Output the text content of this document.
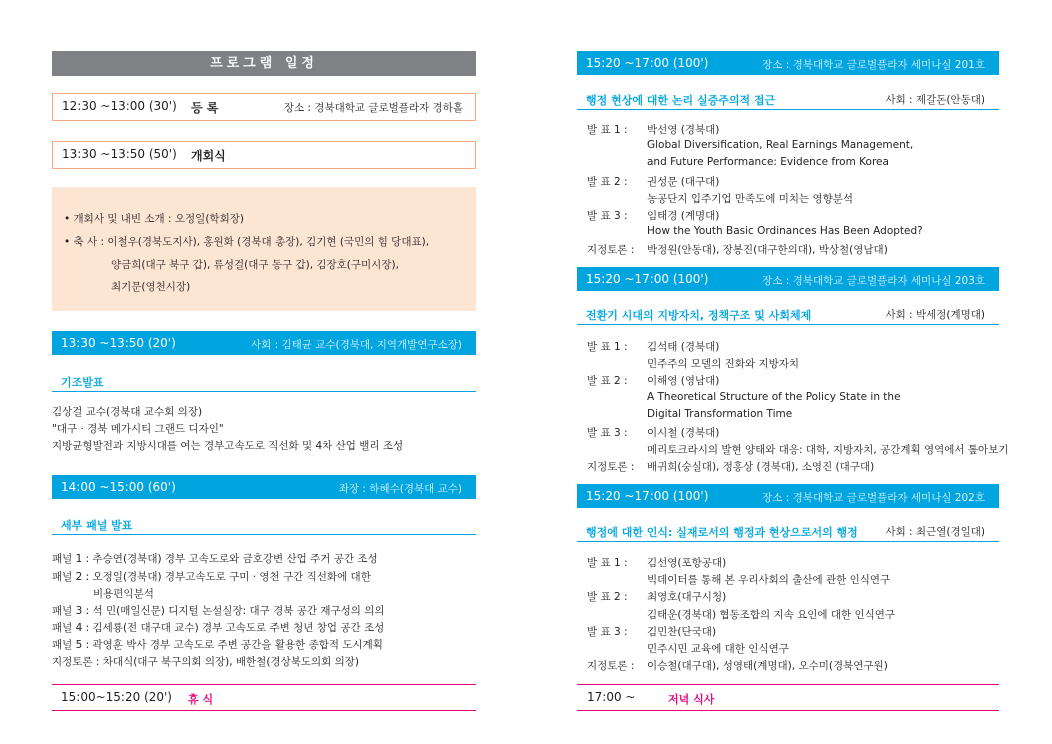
프로그램 일정
12:30 ~13:00 (30') 등 록	장소 : 경북대학교 글로벌플라자 경하홀
13:30 ~13:50 (50') 개회식
• 개회사 및 내빈 소개 : 오정일(학회장)
• 축 사 : 이철우(경북도지사), 홍원화 (경북대 총장), 김기현 (국민의 힘 당대표),
양금희(대구 북구 갑), 류성걸(대구 동구 갑), 김장호(구미시장),
최기문(영천시장)
13:30 ~13:50 (20')	사회 : 김태균 교수(경북대, 지역개발연구소장)
기조발표
김상걸 교수(경북대 교수회 의장)
"대구 · 경북 메가시티 그랜드 디자인"
지방균형발전과 지방시대를 여는 경부고속도로 직선화 및 4차 산업 밸리 조성
14:00 ~15:00 (60')	좌장 : 하혜수(경북대 교수)
세부 패널 발표
패널 1 : 추승연(경북대) 경부 고속도로와 금호강변 산업 주거 공간 조성
패널 2 : 오정일(경북대) 경부고속도로 구미 · 영천 구간 직선화에 대한
비용편익분석
패널 3 : 석 민(매일신문) 디지털 논설실장: 대구 경북 공간 재구성의 의의
패널 4 : 김세룡(전 대구대 교수) 경부 고속도로 주변 청년 창업 공간 조성
패널 5 : 곽영훈 박사 경부 고속도로 주변 공간을 활용한 종합적 도시계획
지정토론 : 차대식(대구 북구의회 의장), 배한철(경상북도의회 의장)
15:00~15:20 (20') 휴 식
15:20 ~17:00 (100')	장소 : 경북대학교 글로벌플라자 세미나실 201호
행정 현상에 대한 논리 실증주의적 접근	사회 : 제갈돈(안동대)
발 표 1 : 박선영 (경북대)
Global Diversification, Real Earnings Management,
and Future Performance: Evidence from Korea
발 표 2 : 권성문 (대구대)
농공단지 입주기업 만족도에 미치는 영향분석
발 표 3 : 임태경 (계명대)
How the Youth Basic Ordinances Has Been Adopted?
지정토론 : 박정원(안동대), 장봉진(대구한의대), 박상철(영남대)
15:20 ~17:00 (100')	장소 : 경북대학교 글로벌플라자 세미나실 203호
전환기 시대의 지방자치, 정책구조 및 사회체제	사회 : 박세정(계명대)
발 표 1 : 김석태 (경북대)
민주주의 모델의 진화와 지방자치
발 표 2 : 이해영 (영남대)
A Theoretical Structure of the Policy State in the
Digital Transformation Time
발 표 3 : 이시철 (경북대)
메리토크라시의 발현 양태와 대응: 대학, 지방자치, 공간계획 영역에서 톺아보기
지정토론 : 배귀희(숭실대), 정홍상 (경북대), 소영진 (대구대)
15:20 ~17:00 (100')	장소 : 경북대학교 글로벌플라자 세미나실 202호
행정에 대한 인식: 실재로서의 행정과 현상으로서의 행정	사회 : 최근열(경일대)
발 표 1 : 김선영(포항공대)
빅데이터를 통해 본 우리사회의 출산에 관한 인식연구
발 표 2 : 최영호(대구시청)
김태운(경북대) 협동조합의 지속 요인에 대한 인식연구
발 표 3 : 김민찬(단국대)
민주시민 교육에 대한 인식연구
지정토론 : 이승철(대구대), 성영태(계명대), 오수미(경북연구원)
17:00 ~	저녁 식사
